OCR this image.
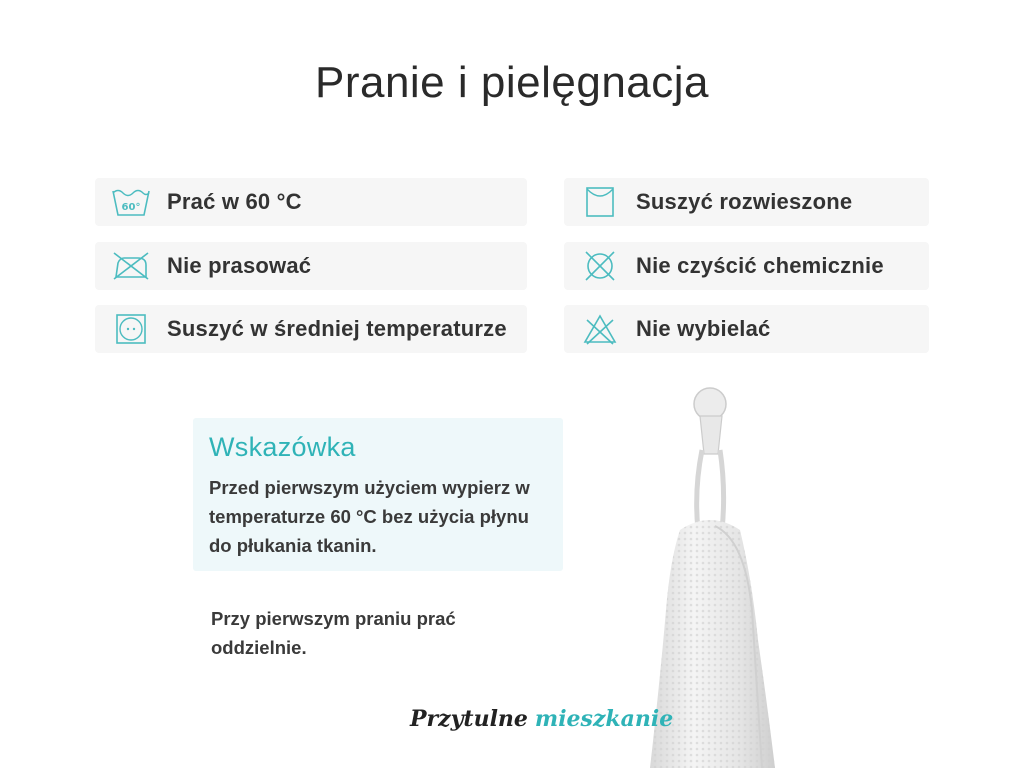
Pranie i pielęgnacja
60° Prać w 60 °C
Nie prasować
Suszyć w średniej temperaturze
Suszyć rozwieszone
Nie czyścić chemicznie
Nie wybielać
Wskazówka
Przed pierwszym użyciem wypierz w temperaturze 60 °C bez użycia płynu do płukania tkanin.
Przy pierwszym praniu prać oddzielnie.
Przytulne mieszkanie
